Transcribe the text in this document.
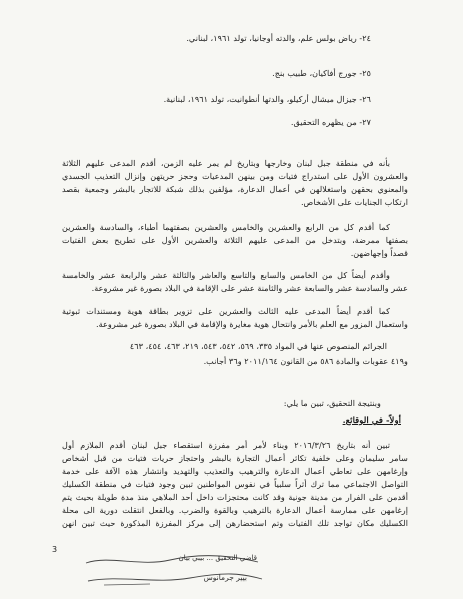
٢٤- رياض بولس علم، والدته أوجانيا، تولد ١٩٦١، لبناني.
٢٥- جورج أفاكيان، طبيب بنج.
٢٦- جيزال ميشال أركيلو، والدتها أنطوانيت، تولد ١٩٦١، لبنانية.
٢٧- من يظهره التحقيق.
بأنه في منطقة جبل لبنان وخارجها وبتاريخ لم يمر عليه الزمن، أقدم المدعى عليهم الثلاثة
والعشرون الأول على استدراج فتيات ومن بينهن المدعيات وحجز حريتهن وإنزال التعذيب الجسدي
والمعنوي بحقهن واستغلالهن في أعمال الدعارة، مؤلفين بذلك شبكة للاتجار بالبشر وجمعية بقصد
ارتكاب الجنايات على الأشخاص.
كما أقدم كل من الرابع والعشرين والخامس والعشرين بصفتهما أطباء، والسادسة والعشرين
بصفتها ممرضة، وبتدخل من المدعى عليهم الثلاثة والعشرين الأول على تطريح بعض الفتيات
قصداً وإجهاضهن.
وأقدم أيضاً كل من الخامس والسابع والتاسع والعاشر والثالثة عشر والرابعة عشر والخامسة
عشر والسادسة عشر والسابعة عشر والثامنة عشر على الإقامة في البلاد بصورة غير مشروعة.
كما أقدم أيضاً المدعى عليه الثالث والعشرين على تزوير بطاقة هوية ومستندات ثبوتية
واستعمال المزور مع العلم بالأمر وانتحال هوية مغايرة والإقامة في البلاد بصورة غير مشروعة.
الجرائم المنصوص عنها في المواد ٣٣٥، ٥٦٩، ٥٤٢، ٥٤٣، ٢١٩، ٤٦٣، ٤٥٤، ٤٦٣
و٤١٩ عقوبات والمادة ٥٨٦ من القانون ٢٠١١/١٦٤ و٣٦ أجانب.
وبنتيجة التحقيق، تبين ما يلي:
أولاً- في الوقائع.
تبين أنه بتاريخ ٢٠١٦/٣/٢٦ وبناء لأمر أمر مفرزة استقصاء جبل لبنان أقدم الملازم أول
سامر سليمان وعلى خلفية تكاثر أعمال التجارة بالبشر واحتجاز حريات فتيات من قبل أشخاص
وإرغامهن على تعاطي أعمال الدعارة والترهيب والتعذيب والتهديد وانتشار هذه الآفة على خدمة
التواصل الاجتماعي مما ترك أثراً سلبياً في نفوس المواطنين تبين وجود فتيات في منطقة الكسليك
أقدمن على الفرار من مدينة جونية وقد كانت محتجزات داخل أحد الملاهي منذ مدة طويلة بحيث يتم
إرغامهن على ممارسة أعمال الدعارة بالترهيب وبالقوة والضرب. وبالفعل انتقلت دورية الى محلة
الكسليك مكان تواجد تلك الفتيات وتم استحضارهن إلى مركز المفرزة المذكورة حيث تبين انهن
3
قاضي التحقيق ... بيبي بيان
بيير جرمانوس
